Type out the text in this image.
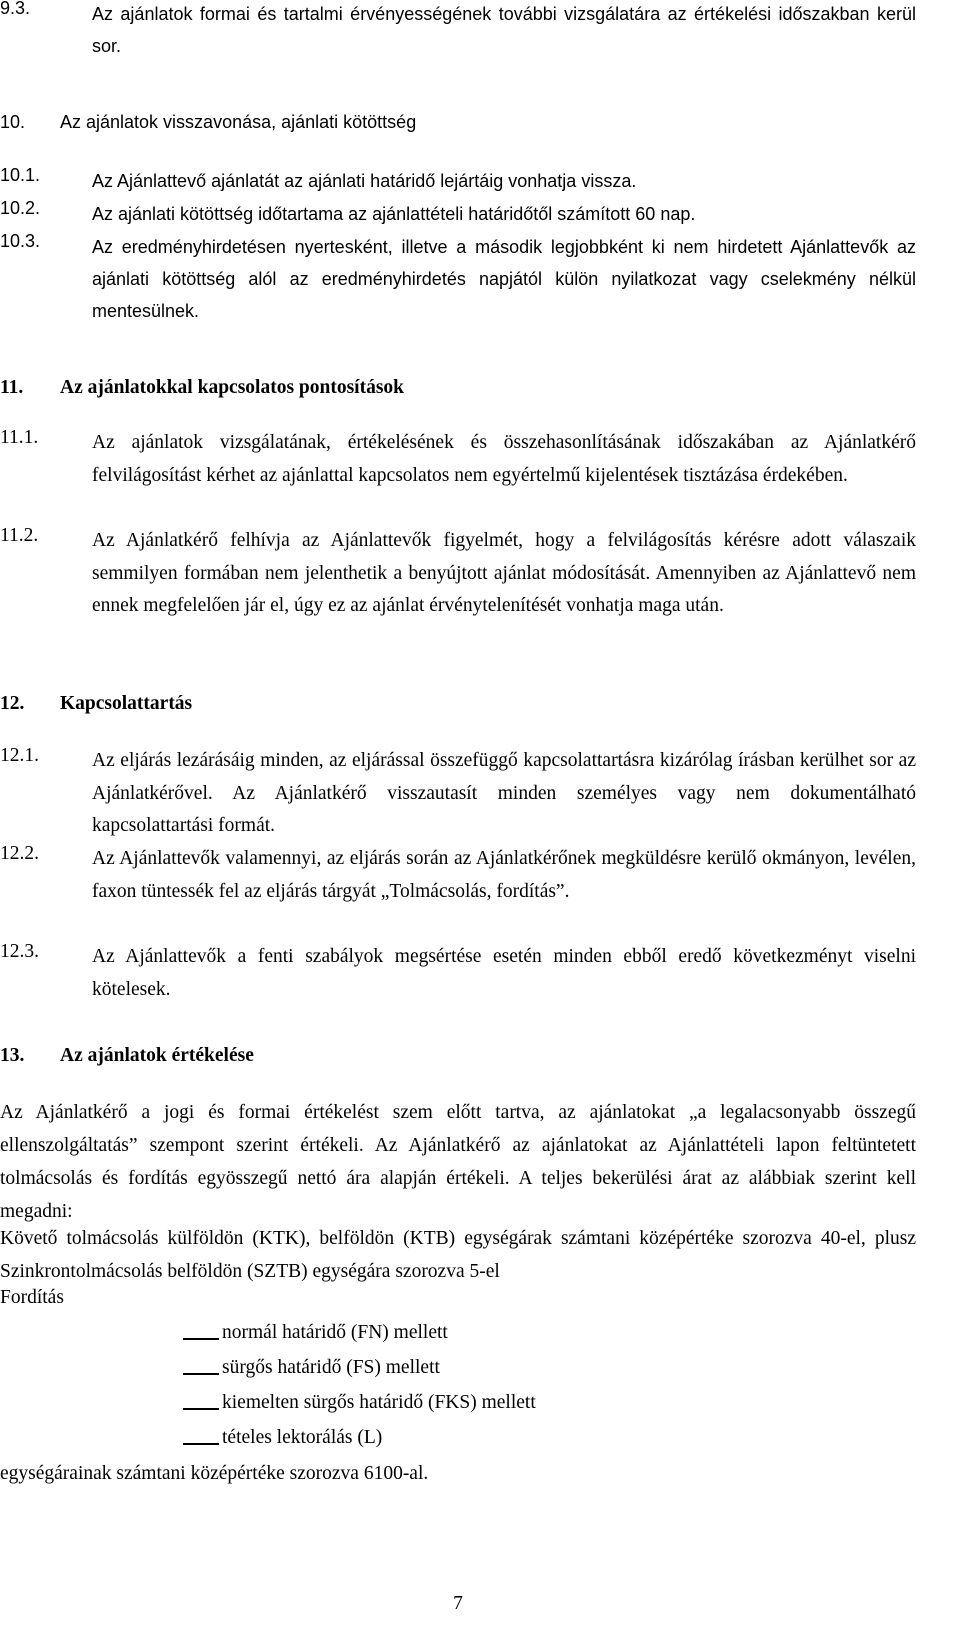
9.3.	Az ajánlatok formai és tartalmi érvényességének további vizsgálatára az értékelési időszakban kerül sor.
10. Az ajánlatok visszavonása, ajánlati kötöttség
10.1.	Az Ajánlattevő ajánlatát az ajánlati határidő lejártáig vonhatja vissza.
10.2.	Az ajánlati kötöttség időtartama az ajánlattételi határidőtől számított 60 nap.
10.3.	Az eredményhirdetésen nyertesként, illetve a második legjobbként ki nem hirdetett Ajánlattevők az ajánlati kötöttség alól az eredményhirdetés napjától külön nyilatkozat vagy cselekmény nélkül mentesülnek.
11. Az ajánlatokkal kapcsolatos pontosítások
11.1.	Az ajánlatok vizsgálatának, értékelésének és összehasonlításának időszakában az Ajánlatkérő felvilágosítást kérhet az ajánlattal kapcsolatos nem egyértelmű kijelentések tisztázása érdekében.
11.2.	Az Ajánlatkérő felhívja az Ajánlattevők figyelmét, hogy a felvilágosítás kérésre adott válaszaik semmilyen formában nem jelenthetik a benyújtott ajánlat módosítását. Amennyiben az Ajánlattevő nem ennek megfelelően jár el, úgy ez az ajánlat érvénytelenítését vonhatja maga után.
12. Kapcsolattartás
12.1.	Az eljárás lezárásáig minden, az eljárással összefüggő kapcsolattartásra kizárólag írásban kerülhet sor az Ajánlatkérővel. Az Ajánlatkérő visszautasít minden személyes vagy nem dokumentálható kapcsolattartási formát.
12.2.	Az Ajánlattevők valamennyi, az eljárás során az Ajánlatkérőnek megküldésre kerülő okmányon, levélen, faxon tüntessék fel az eljárás tárgyát „Tolmácsolás, fordítás”.
12.3.	Az Ajánlattevők a fenti szabályok megsértése esetén minden ebből eredő következményt viselni kötelesek.
13. Az ajánlatok értékelése
Az Ajánlatkérő a jogi és formai értékelést szem előtt tartva, az ajánlatokat „a legalacsonyabb összegű ellenszolgáltatás” szempont szerint értékeli. Az Ajánlatkérő az ajánlatokat az Ajánlattételi lapon feltüntetett tolmácsolás és fordítás egyösszegű nettó ára alapján értékeli. A teljes bekerülési árat az alábbiak szerint kell megadni:
Követő tolmácsolás külföldön (KTK), belföldön (KTB) egységárak számtani középértéke szorozva 40-el, plusz Szinkrontolmácsolás belföldön (SZTB) egységára szorozva 5-el
Fordítás
normál határidő (FN) mellett
sürgős határidő (FS) mellett
kiemelten sürgős határidő (FKS) mellett
tételes lektorálás (L)
egységárainak számtani középértéke szorozva 6100-al.
7
